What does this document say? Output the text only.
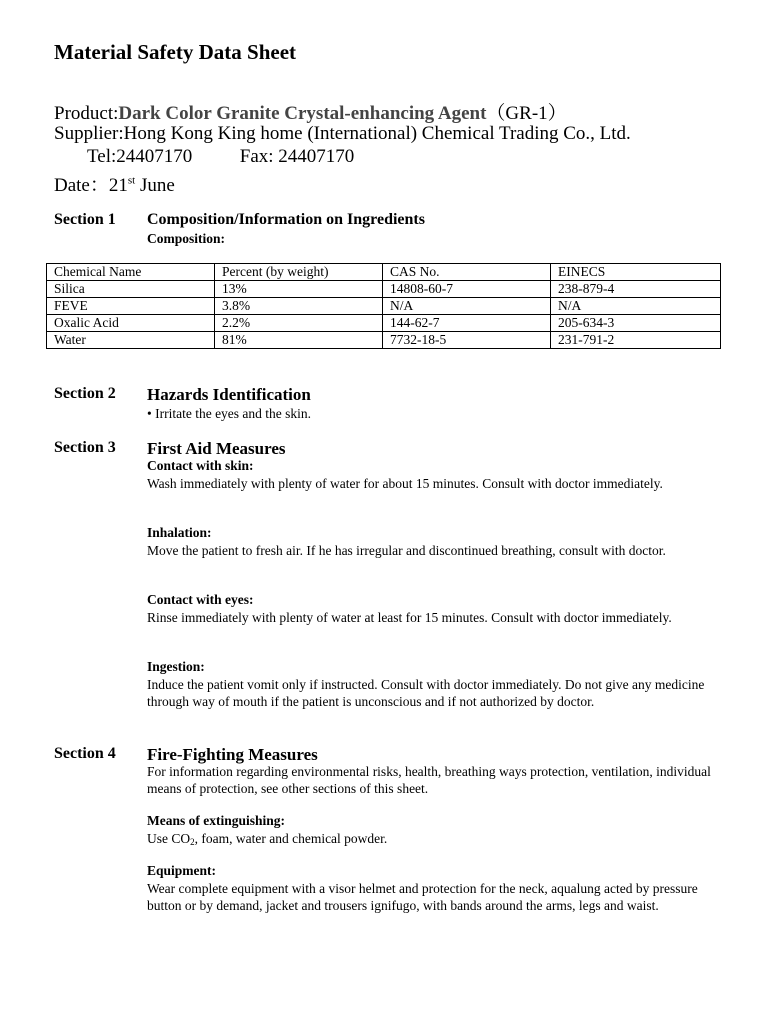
Material Safety Data Sheet
Product:Dark Color Granite Crystal-enhancing Agent（GR-1）
Supplier:Hong Kong King home (International) Chemical Trading Co., Ltd.
Tel:24407170	Fax: 24407170
Date：21st June
Section 1 Composition/Information on Ingredients
Composition:
Chemical Name	Percent (by weight)	CAS No.	EINECS
Silica	13%	14808-60-7	238-879-4
FEVE	3.8%	N/A	N/A
Oxalic Acid	2.2%	144-62-7	205-634-3
Water	81%	7732-18-5	231-791-2
Section 2 Hazards Identification
• Irritate the eyes and the skin.
Section 3 First Aid Measures
Contact with skin:
Wash immediately with plenty of water for about 15 minutes. Consult with doctor immediately.
Inhalation:
Move the patient to fresh air. If he has irregular and discontinued breathing, consult with doctor.
Contact with eyes:
Rinse immediately with plenty of water at least for 15 minutes. Consult with doctor immediately.
Ingestion:
Induce the patient vomit only if instructed. Consult with doctor immediately. Do not give any medicine through way of mouth if the patient is unconscious and if not authorized by doctor.
Section 4 Fire-Fighting Measures
For information regarding environmental risks, health, breathing ways protection, ventilation, individual means of protection, see other sections of this sheet.
Means of extinguishing:
Use CO2, foam, water and chemical powder.
Equipment:
Wear complete equipment with a visor helmet and protection for the neck, aqualung acted by pressure button or by demand, jacket and trousers ignifugo, with bands around the arms, legs and waist.
